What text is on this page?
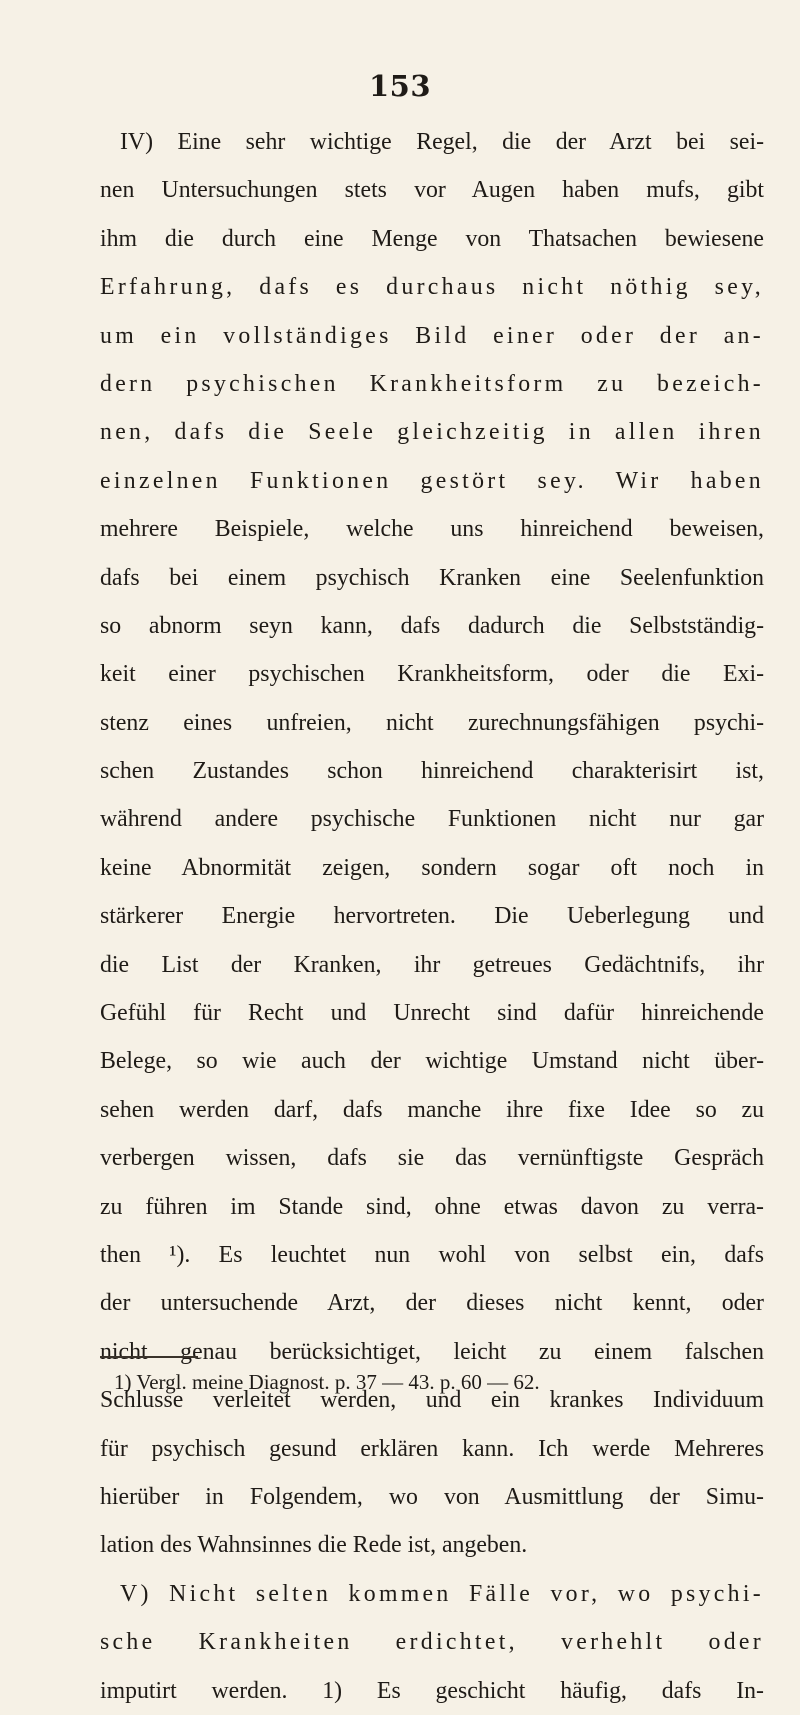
153
IV) Eine sehr wichtige Regel, die der Arzt bei sei-
nen Untersuchungen stets vor Augen haben mufs, gibt
ihm die durch eine Menge von Thatsachen bewiesene
Erfahrung, dafs es durchaus nicht nöthig sey,
um ein vollständiges Bild einer oder der an-
dern psychischen Krankheitsform zu bezeich-
nen, dafs die Seele gleichzeitig in allen ihren
einzelnen Funktionen gestört sey. Wir haben
mehrere Beispiele, welche uns hinreichend beweisen,
dafs bei einem psychisch Kranken eine Seelenfunktion
so abnorm seyn kann, dafs dadurch die Selbstständig-
keit einer psychischen Krankheitsform, oder die Exi-
stenz eines unfreien, nicht zurechnungsfähigen psychi-
schen Zustandes schon hinreichend charakterisirt ist,
während andere psychische Funktionen nicht nur gar
keine Abnormität zeigen, sondern sogar oft noch in
stärkerer Energie hervortreten. Die Ueberlegung und
die List der Kranken, ihr getreues Gedächtnifs, ihr
Gefühl für Recht und Unrecht sind dafür hinreichende
Belege, so wie auch der wichtige Umstand nicht über-
sehen werden darf, dafs manche ihre fixe Idee so zu
verbergen wissen, dafs sie das vernünftigste Gespräch
zu führen im Stande sind, ohne etwas davon zu verra-
then ¹). Es leuchtet nun wohl von selbst ein, dafs
der untersuchende Arzt, der dieses nicht kennt, oder
nicht genau berücksichtiget, leicht zu einem falschen
Schlusse verleitet werden, und ein krankes Individuum
für psychisch gesund erklären kann. Ich werde Mehreres
hierüber in Folgendem, wo von Ausmittlung der Simu-
lation des Wahnsinnes die Rede ist, angeben.
V) Nicht selten kommen Fälle vor, wo psychi-
sche Krankheiten erdichtet, verhehlt oder
imputirt werden. 1) Es geschicht häufig, dafs In-
1) Vergl. meine Diagnost. p. 37 — 43. p. 60 — 62.
